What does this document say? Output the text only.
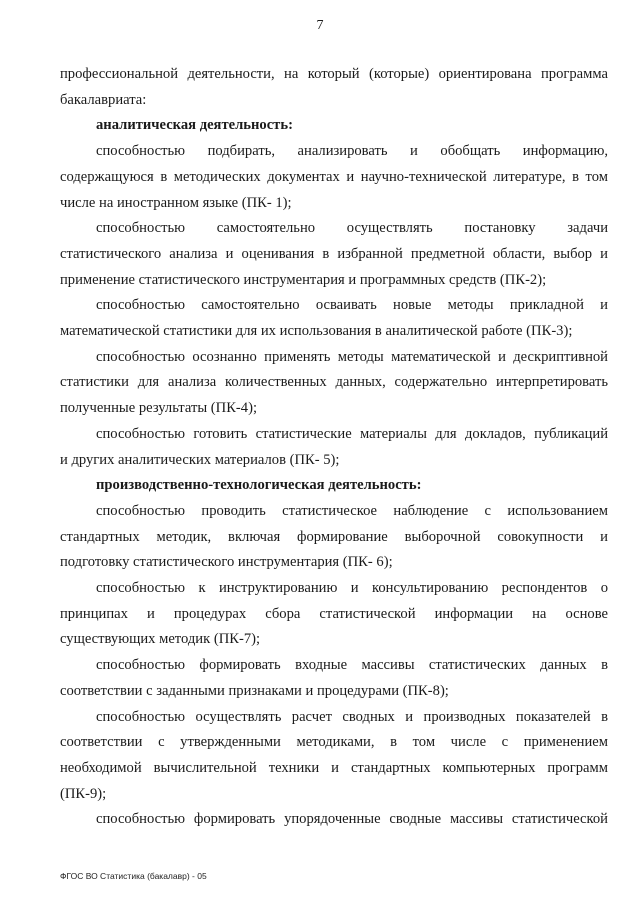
7
профессиональной деятельности, на который (которые) ориентирована программа
бакалавриата:
аналитическая деятельность:
способностью подбирать, анализировать и обобщать информацию,
содержащуюся в методических документах и научно-технической литературе, в том
числе на иностранном языке (ПК- 1);
способностью самостоятельно осуществлять постановку задачи
статистического анализа и оценивания в избранной предметной области, выбор и
применение статистического инструментария и программных средств (ПК-2);
способностью самостоятельно осваивать новые методы прикладной и
математической статистики для их использования в аналитической работе (ПК-3);
способностью осознанно применять методы математической и дескриптивной
статистики для анализа количественных данных, содержательно интерпретировать
полученные результаты (ПК-4);
способностью готовить статистические материалы для докладов, публикаций
и других аналитических материалов (ПК- 5);
производственно-технологическая деятельность:
способностью проводить статистическое наблюдение с использованием
стандартных методик, включая формирование выборочной совокупности и
подготовку статистического инструментария (ПК- 6);
способностью к инструктированию и консультированию респондентов о
принципах и процедурах сбора статистической информации на основе
существующих методик (ПК-7);
способностью формировать входные массивы статистических данных в
соответствии с заданными признаками и процедурами (ПК-8);
способностью осуществлять расчет сводных и производных показателей в
соответствии с утвержденными методиками, в том числе с применением
необходимой вычислительной техники и стандартных компьютерных программ
(ПК-9);
способностью формировать упорядоченные сводные массивы статистической
ФГОС ВО Статистика (бакалавр) - 05
